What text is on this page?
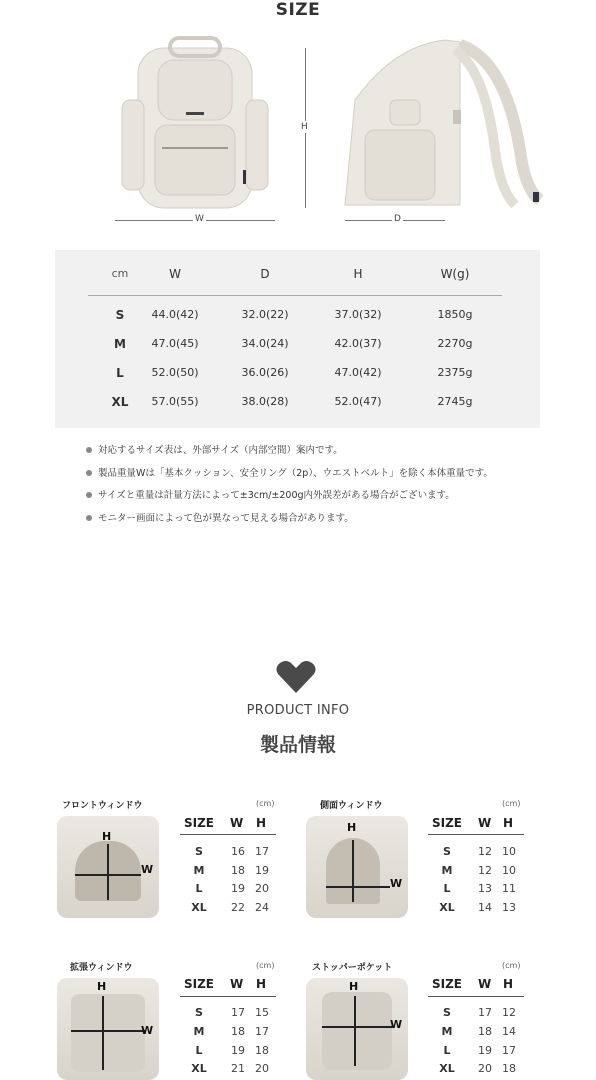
SIZE
W
H
D
cm	W	D	H	W(g)
S	44.0(42)	32.0(22)	37.0(32)	1850g
M	47.0(45)	34.0(24)	42.0(37)	2270g
L	52.0(50)	36.0(26)	47.0(42)	2375g
XL	57.0(55)	38.0(28)	52.0(47)	2745g
対応するサイズ表は、外部サイズ（内部空間）案内です。
製品重量Wは「基本クッション、安全リング（2p）、ウエストベルト」を除く本体重量です。
サイズと重量は計量方法によって±3cm/±200g内外誤差がある場合がございます。
モニター画面によって色が異なって見える場合があります。
PRODUCT INFO
製品情報
フロントウィンドウ
H
W
(cm)
SIZE W H
S	16 17
M	18 19
L	19 20
XL	22 24
側面ウィンドウ
H
W
(cm)
SIZE W H
S	12 10
M	12 10
L	13 11
XL	14 13
拡張ウィンドウ
H
W
(cm)
SIZE W H
S	17 15
M	18 17
L	19 18
XL	21 20
ストッパーポケット
H
W
(cm)
SIZE W H
S	17 12
M	18 14
L	19 17
XL	20 18
